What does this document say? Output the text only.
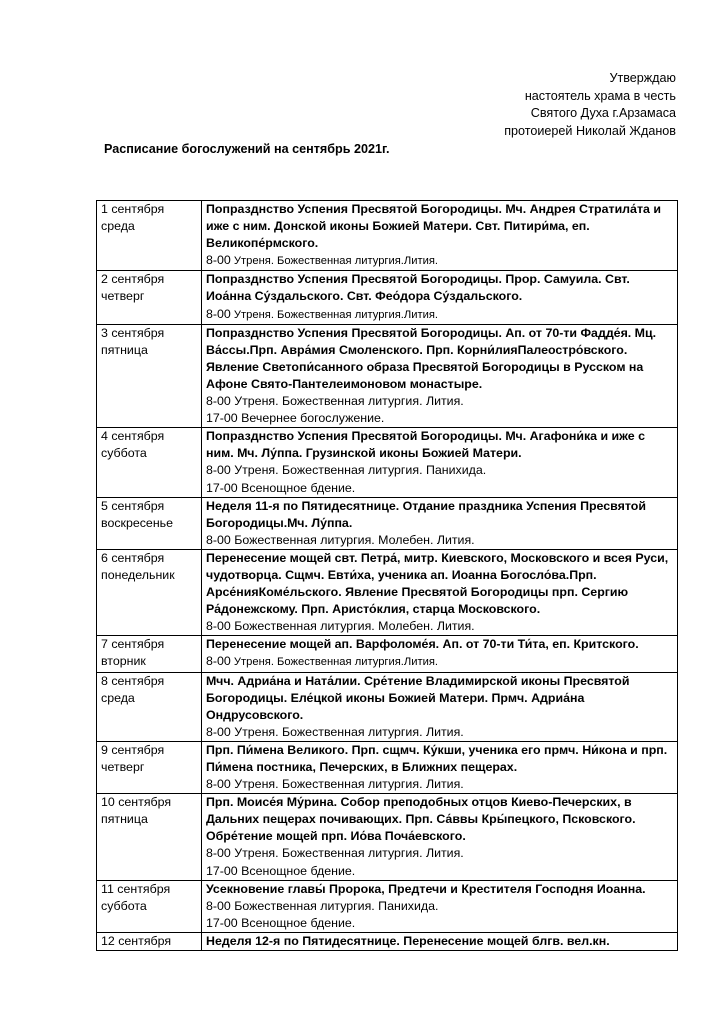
Утверждаю
настоятель храма в честь
Святого Духа г.Арзамаса
протоиерей Николай Жданов
Расписание богослужений на сентябрь 2021г.
1 сентября
среда	Попразднство Успения Пресвятой Богородицы. Мч. Андрея Стратила́та и иже с ним. Донской иконы Божией Матери. Свт. Питири́ма, еп. Великопе́рмского.
8-00 Утреня. Божественная литургия.Лития.

2 сентября
четверг	Попразднство Успения Пресвятой Богородицы. Прор. Самуила. Свт. Иоа́нна Су́здальского. Свт. Фео́дора Су́здальского.
8-00 Утреня. Божественная литургия.Лития.

3 сентября
пятница	Попразднство Успения Пресвятой Богородицы. Ап. от 70-ти Фадде́я. Мц. Ва́ссы.Прп. Авра́мия Смоленского. Прп. Корни́лияПалеостро́вского. Явление Светопи́санного образа Пресвятой Богородицы в Русском на Афоне Свято-Пантелеимоновом монастыре.
8-00 Утреня. Божественная литургия. Лития.
17-00 Вечернее богослужение.

4 сентября
суббота	Попразднство Успения Пресвятой Богородицы. Мч. Агафони́ка и иже с ним. Мч. Лу́ппа. Грузинской иконы Божией Матери.
8-00 Утреня. Божественная литургия. Панихида.
17-00 Всенощное бдение.

5 сентября
воскресенье	Неделя 11-я по Пятидесятнице. Отдание праздника Успения Пресвятой Богородицы.Мч. Лу́ппа.
8-00 Божественная литургия. Молебен. Лития.

6 сентября
понедельник	Перенесение мощей свт. Петра́, митр. Киевского, Московского и всея Руси, чудотворца. Сщмч. Евти́ха, ученика ап. Иоанна Богосло́ва.Прп. Арсе́нияКоме́льского. Явление Пресвятой Богородицы прп. Сергию Ра́донежскому. Прп. Аристо́клия, старца Московского.
8-00 Божественная литургия. Молебен. Лития.

7 сентября
вторник	Перенесение мощей ап. Варфоломе́я. Ап. от 70-ти Ти́та, еп. Критского.
8-00 Утреня. Божественная литургия.Лития.

8 сентября
среда	Мчч. Адриа́на и Ната́лии. Сре́тение Владимирской иконы Пресвятой Богородицы. Еле́цкой иконы Божией Матери. Прмч. Адриа́на Ондрусовского.
8-00 Утреня. Божественная литургия. Лития.

9 сентября
четверг	Прп. Пи́мена Великого. Прп. сщмч. Ку́кши, ученика его прмч. Ни́кона и прп. Пи́мена постника, Печерских, в Ближних пещерах.
8-00 Утреня. Божественная литургия. Лития.

10 сентября
пятница	Прп. Моисе́я Му́рина. Собор преподобных отцов Киево-Печерских, в Дальних пещерах почивающих. Прп. Са́ввы Кры́пецкого, Псковского. Обре́тение мощей прп. Ио́ва Поча́евского.
8-00 Утреня. Божественная литургия. Лития.
17-00 Всенощное бдение.

11 сентября
суббота	Усекновение главы́ Пророка, Предтечи и Крестителя Господня Иоанна.
8-00 Божественная литургия. Панихида.
17-00 Всенощное бдение.

12 сентября	Неделя 12-я по Пятидесятнице. Перенесение мощей блгв. вел.кн.
